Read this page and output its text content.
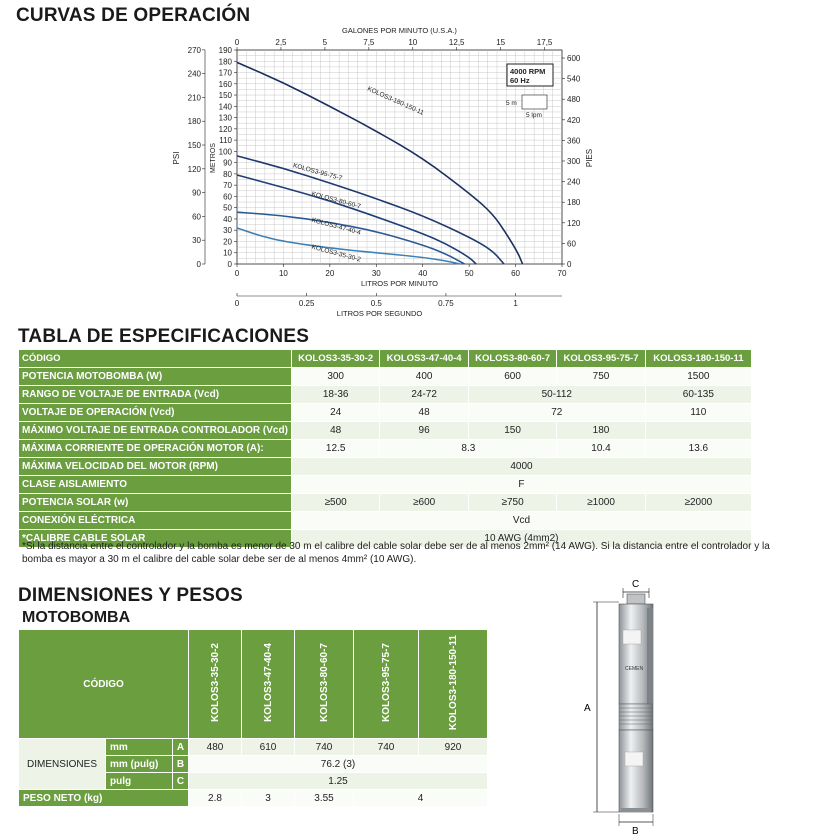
CURVAS DE OPERACIÓN
0
10
20
30
40
50
60
70
80
90
100
110
120
130
140
150
160
170
180
190
0
30
60
90
120
150
180
210
240
270
PSI	METROS
0
60
120
180
240
300
360
420
480
540
600
PIES
0	2,5	5	7,5	10	12,5	15	17,5
GALONES POR MINUTO (U.S.A.)
0	10	20	30	40	50	60	70
LITROS POR MINUTO
0	0.25	0.5	0.75	1
LITROS POR SEGUNDO
KOLOS3-180-150-11
KOLOS3-95-75-7
KOLOS3-80-60-7
KOLOS3-47-40-4
KOLOS3-35-30-2
4000 RPM
60 Hz
5 m
5 lpm
TABLA DE ESPECIFICACIONES
CÓDIGO	KOLOS3-35-30-2	KOLOS3-47-40-4	KOLOS3-80-60-7	KOLOS3-95-75-7	KOLOS3-180-150-11
POTENCIA MOTOBOMBA (W)	300	400	600	750	1500
RANGO DE VOLTAJE DE ENTRADA (Vcd)	18-36	24-72	50-112		60-135
VOLTAJE DE OPERACIÓN (Vcd)	24	48	72		110
MÁXIMO VOLTAJE DE ENTRADA CONTROLADOR (Vcd)	48	96	150	180	
MÁXIMA CORRIENTE DE OPERACIÓN MOTOR (A):	12.5	8.3		10.4	13.6
MÁXIMA VELOCIDAD DEL MOTOR (RPM)	4000				
CLASE AISLAMIENTO	F				
POTENCIA SOLAR (w)	≥500	≥600	≥750	≥1000	≥2000
CONEXIÓN ELÉCTRICA	Vcd				
*CALIBRE CABLE SOLAR	10 AWG (4mm2)				
*Si la distancia entre el controlador y la bomba es menor de 30 m el calibre del cable solar debe ser de al menos 2mm² (14 AWG). Si la distancia entre el controlador y la bomba es mayor a 30 m el calibre del cable solar debe ser de al menos 4mm² (10 AWG).
DIMENSIONES Y PESOS
MOTOBOMBA
CÓDIGO			KOLOS3-35-30-2	KOLOS3-47-40-4	KOLOS3-80-60-7	KOLOS3-95-75-7	KOLOS3-180-150-11
DIMENSIONES	mm	A	480	610	740	740	920
	mm (pulg)	B	76.2 (3)				
	pulg	C	1.25				
PESO NETO (kg)			2.8	3	3.55	4	
C
A
CEMEN
B
